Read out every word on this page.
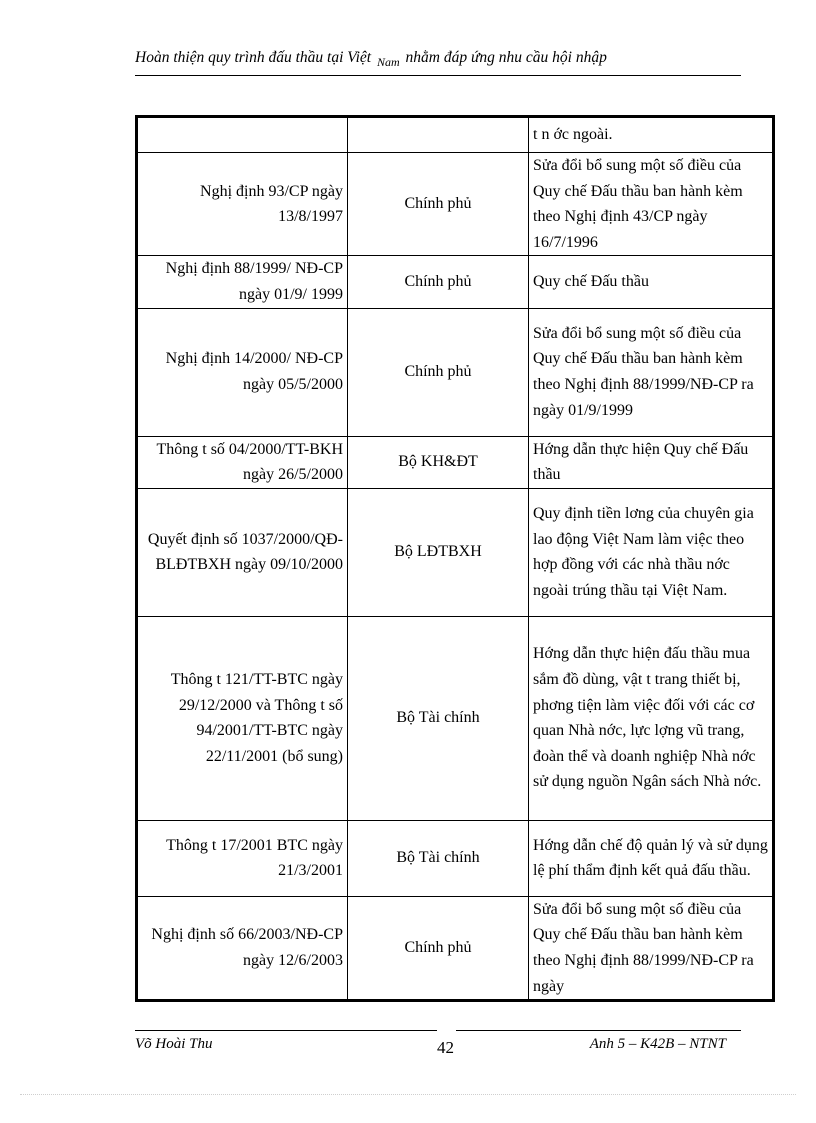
Hoàn thiện quy trình đấu thầu tại Việt $_{Nam}$ nhằm đáp ứng nhu cầu hội nhập
		t n ớc ngoài.
Nghị định 93/CP ngày 13/8/1997	Chính phủ	Sửa đổi bổ sung một số điều của Quy chế Đấu thầu ban hành kèm theo Nghị định 43/CP ngày 16/7/1996
Nghị định 88/1999/ NĐ-CP ngày 01/9/ 1999	Chính phủ	Quy chế Đấu thầu
Nghị định 14/2000/ NĐ-CP ngày 05/5/2000	Chính phủ	Sửa đổi bổ sung một số điều của Quy chế Đấu thầu ban hành kèm theo Nghị định 88/1999/NĐ-CP ra ngày 01/9/1999
Thông t số 04/2000/TT-BKH ngày 26/5/2000	Bộ KH&ĐT	Hớng dẫn thực hiện Quy chế Đấu thầu
Quyết định số 1037/2000/QĐ-BLĐTBXH ngày 09/10/2000	Bộ LĐTBXH	Quy định tiền lơng của chuyên gia lao động Việt Nam làm việc theo hợp đồng với các nhà thầu nớc ngoài trúng thầu tại Việt Nam.
Thông t 121/TT-BTC ngày 29/12/2000 và Thông t số 94/2001/TT-BTC ngày 22/11/2001 (bổ sung)	Bộ Tài chính	Hớng dẫn thực hiện đấu thầu mua sắm đồ dùng, vật t trang thiết bị, phơng tiện làm việc đối với các cơ quan Nhà nớc, lực lợng vũ trang, đoàn thể và doanh nghiệp Nhà nớc sử dụng nguồn Ngân sách Nhà nớc.
Thông t 17/2001 BTC ngày 21/3/2001	Bộ Tài chính	Hớng dẫn chế độ quản lý và sử dụng lệ phí thẩm định kết quả đấu thầu.
Nghị định số 66/2003/NĐ-CP ngày 12/6/2003	Chính phủ	Sửa đổi bổ sung một số điều của Quy chế Đấu thầu ban hành kèm theo Nghị định 88/1999/NĐ-CP ra ngày
Võ Hoài Thu	42	Anh 5 – K42B – NTNT
